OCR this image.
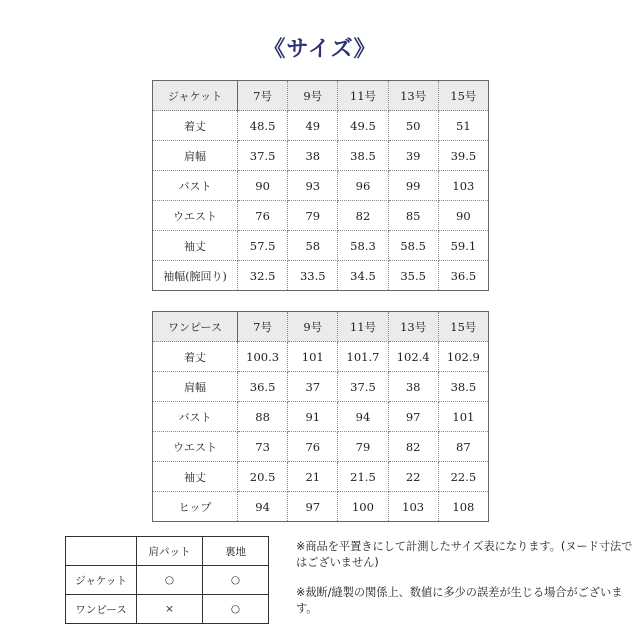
《サイズ》
ジャケット	7号	9号	11号	13号	15号
着丈	48.5	49	49.5	50	51
肩幅	37.5	38	38.5	39	39.5
バスト	90	93	96	99	103
ウエスト	76	79	82	85	90
袖丈	57.5	58	58.3	58.5	59.1
袖幅(腕回り)	32.5	33.5	34.5	35.5	36.5
ワンピース	7号	9号	11号	13号	15号
着丈	100.3	101	101.7	102.4	102.9
肩幅	36.5	37	37.5	38	38.5
バスト	88	91	94	97	101
ウエスト	73	76	79	82	87
袖丈	20.5	21	21.5	22	22.5
ヒップ	94	97	100	103	108
	肩パット	裏地
ジャケット	○	○
ワンピース	×	○

※商品を平置きにして計測したサイズ表になります。(ヌード寸法ではございません)

※裁断/縫製の関係上、数値に多少の誤差が生じる場合がございます。
